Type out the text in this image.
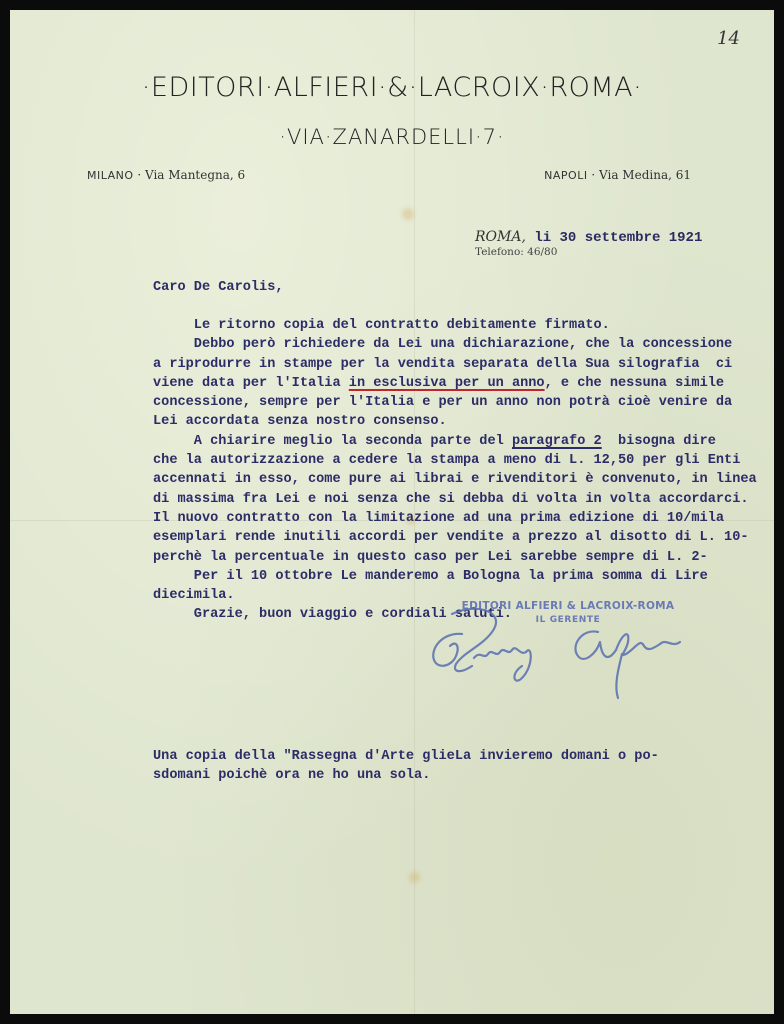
14
·EDITORI·ALFIERI·&·LACROIX·ROMA·
·VIA·ZANARDELLI·7·
MILANO · Via Mantegna, 6	NAPOLI · Via Medina, 61
ROMA, li 30 settembre 1921
Telefono: 46/80
Caro De Carolis,
Le ritorno copia del contratto debitamente firmato.
Debbo però richiedere da Lei una dichiarazione, che la concessione
a riprodurre in stampe per la vendita separata della Sua silografia  ci
viene data per l'Italia in esclusiva per un anno, e che nessuna simile
concessione, sempre per l'Italia e per un anno non potrà cioè venire da
Lei accordata senza nostro consenso.
A chiarire meglio la seconda parte del paragrafo 2  bisogna dire
che la autorizzazione a cedere la stampa a meno di L. 12,50 per gli Enti
accennati in esso, come pure ai librai e rivenditori è convenuto, in linea
di massima fra Lei e noi senza che si debba di volta in volta accordarci.
Il nuovo contratto con la limitazione ad una prima edizione di 10/mila
esemplari rende inutili accordi per vendite a prezzo al disotto di L. 10-
perchè la percentuale in questo caso per Lei sarebbe sempre di L. 2-
Per il 10 ottobre Le manderemo a Bologna la prima somma di Lire
diecimila.
Grazie, buon viaggio e cordiali saluti.
EDITORI ALFIERI & LACROIX-ROMA
IL GERENTE
Una copia della "Rassegna d'Arte glieLa invieremo domani o po-
sdomani poichè ora ne ho una sola.
